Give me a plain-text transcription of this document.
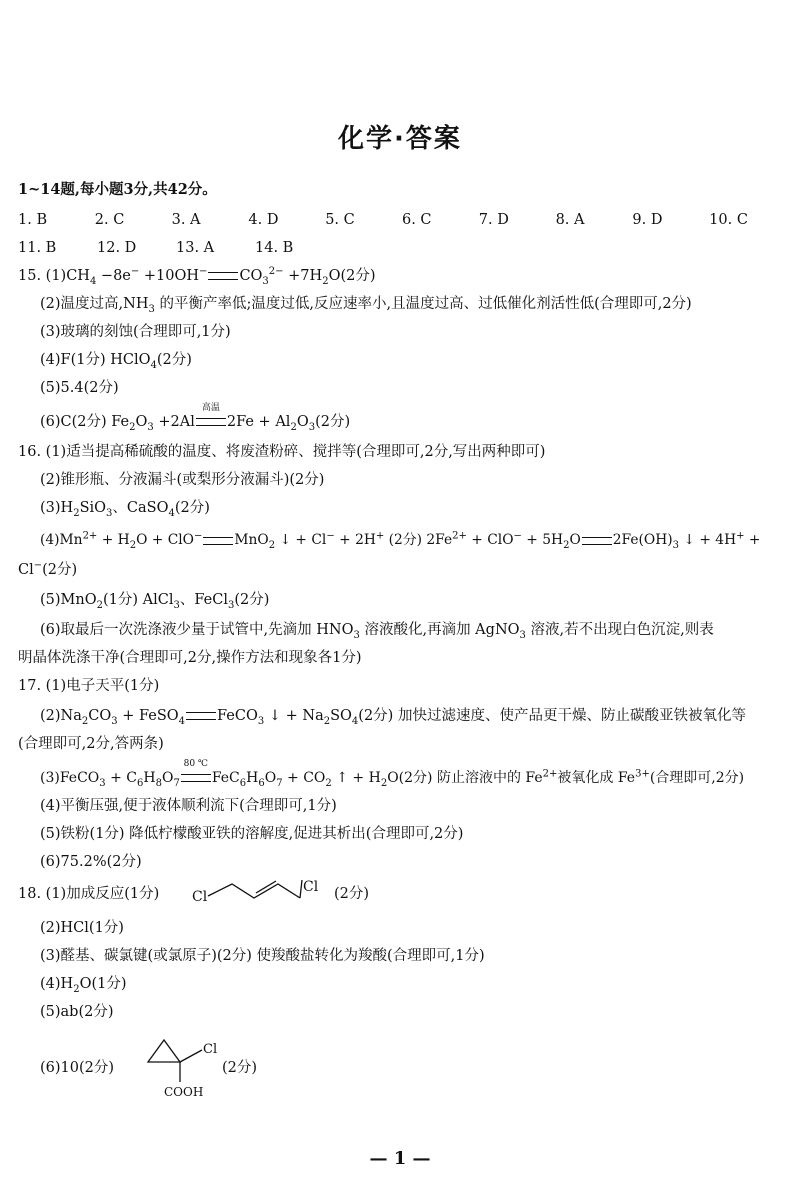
化学·答案
1~14题,每小题3分,共42分。
1. B	2. C	3. A	4. D	5. C	6. C	7. D	8. A	9. D	10. C
11. B	12. D	13. A	14. B
15. $(1)CH_4 -8e^- +10OH^-$ $CO_3^{2-} +7H_2O(2$分)
(2)温度过高$,NH_3$ 的平衡产率低;温度过低,反应速率小,且温度过高、过低催化剂活性低(合理即可,2分)
(3)玻璃的刻蚀(合理即可,1分)
(4)F(1分) HClO$_4$(2分)
(5)5.4(2分)
(6)C(2分) $Fe_2O_3 +2Al$
高温
$2Fe + Al_2O_3(2$分)
16. (1)适当提高稀硫酸的温度、将废渣粉碎、搅拌等(合理即可,2分,写出两种即可)
(2)锥形瓶、分液漏斗(或梨形分液漏斗)(2分)
$(3)H_2SiO_3$、CaSO$_4$(2分)
$(4)Mn^{2+} + H_2O + ClO^-$ MnO$_2$ ↓ + Cl− + 2H+ (2分) $2Fe^{2+} + ClO^- + 5H_2O$ $2Fe(OH)_3$ ↓ + 4H+ +
Cl−(2分)
(5)MnO$_2$(1分) AlCl$_3$、FeCl$_3$(2分)
(6)取最后一次洗涤液少量于试管中,先滴加 $HNO_3$ 溶液酸化,再滴加 AgNO$_3$ 溶液,若不出现白色沉淀,则表
明晶体洗涤干净(合理即可,2分,操作方法和现象各1分)
17. (1)电子天平(1分)
$(2)Na_2CO_3$ + FeSO$_4$ FeCO$_3$ ↓ + $Na_2SO_4(2$分) 加快过滤速度、使产品更干燥、防止碳酸亚铁被氧化等
(合理即可,2分,答两条)
(3)FeCO$_3$ + $C_6H_8O_7$
80 ℃
$FeC_6H_6O_7 + CO_2$ ↑ + $H_2O(2$分) 防止溶液中的 $Fe^{2+}$被氧化成 $Fe^{3+}$(合理即可,2分)
(4)平衡压强,便于液体顺利流下(合理即可,1分)
(5)铁粉(1分) 降低柠檬酸亚铁的溶解度,促进其析出(合理即可,2分)
(6)75.2%(2分)
18. (1)加成反应(1分)	Cl
Cl (2分)
(2)HCl(1分)
(3)醛基、碳氯键(或氯原子)(2分) 使羧酸盐转化为羧酸(合理即可,1分)
$(4)H_2O(1$分)
(5)ab(2分)
(6)10(2分)
Cl
COOH
(2分)
— 1 —
